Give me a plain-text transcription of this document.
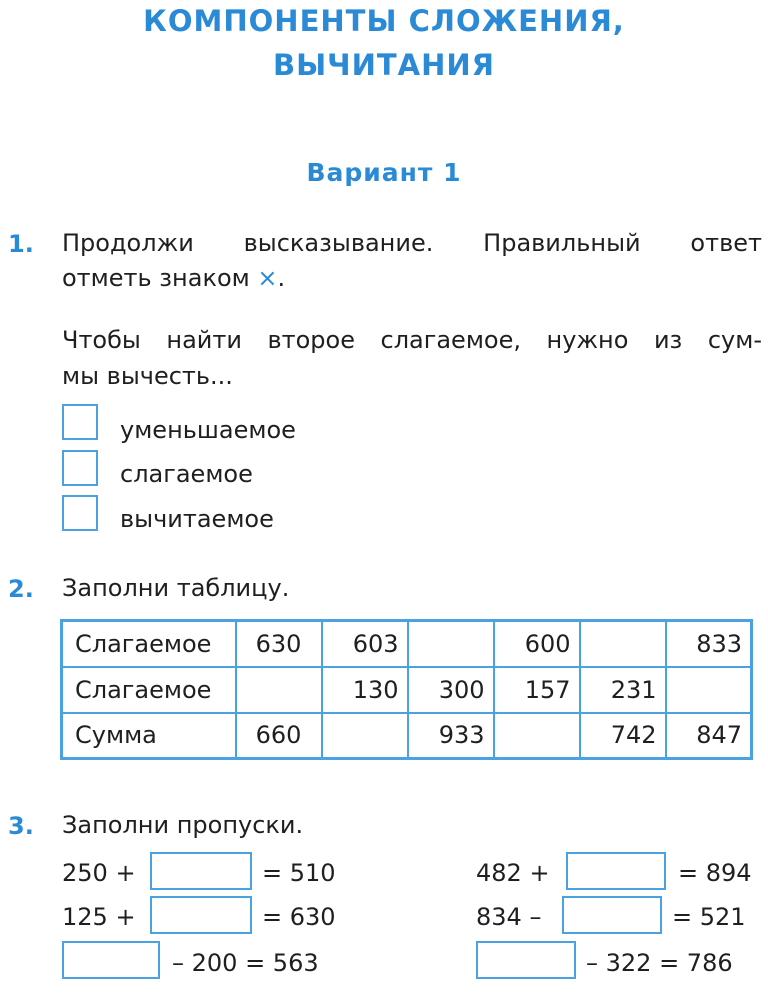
КОМПОНЕНТЫ СЛОЖЕНИЯ,
ВЫЧИТАНИЯ
Вариант 1
1. Продолжи высказывание. Правильный ответ
отметь знаком ×.
Чтобы найти второе слагаемое, нужно из сум-
мы вычесть...
уменьшаемое
слагаемое
вычитаемое
2. Заполни таблицу.
Слагаемое	630	603		600		833
Слагаемое		130	300	157	231	
Сумма	660		933		742	847
3. Заполни пропуски.
250 +	= 510
125 +	= 630
– 200 = 563
482 +	= 894
834 –	= 521
– 322 = 786
